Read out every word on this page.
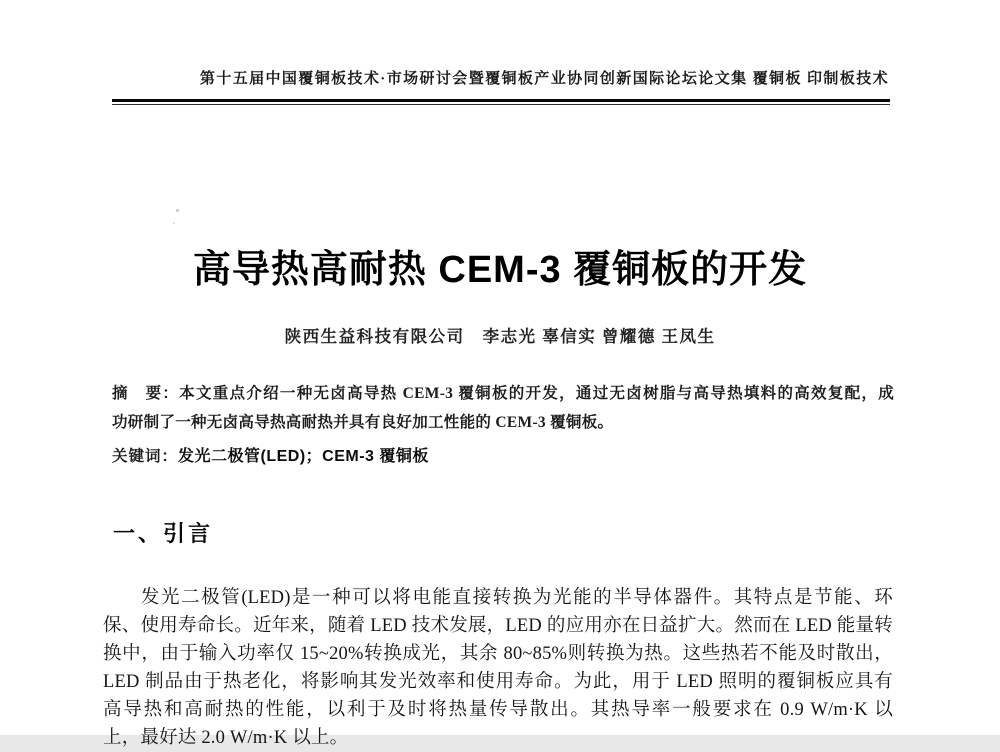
第十五届中国覆铜板技术·市场研讨会暨覆铜板产业协同创新国际论坛论文集 覆铜板 印制板技术
高导热高耐热 CEM-3 覆铜板的开发
陕西生益科技有限公司　李志光 辜信实 曾耀德 王凤生
摘　要：本文重点介绍一种无卤高导热 CEM-3 覆铜板的开发，通过无卤树脂与高导热填料的高效复配，成
功研制了一种无卤高导热高耐热并具有良好加工性能的 CEM-3 覆铜板。
关键词：发光二极管(LED)；CEM-3 覆铜板
一、引言
发光二极管(LED)是一种可以将电能直接转换为光能的半导体器件。其特点是节能、环
保、使用寿命长。近年来，随着 LED 技术发展，LED 的应用亦在日益扩大。然而在 LED 能量转
换中，由于输入功率仅 15~20%转换成光，其余 80~85%则转换为热。这些热若不能及时散出，
LED 制品由于热老化，将影响其发光效率和使用寿命。为此，用于 LED 照明的覆铜板应具有
高导热和高耐热的性能，以利于及时将热量传导散出。其热导率一般要求在 0.9 W/m·K 以
上，最好达 2.0 W/m·K 以上。
